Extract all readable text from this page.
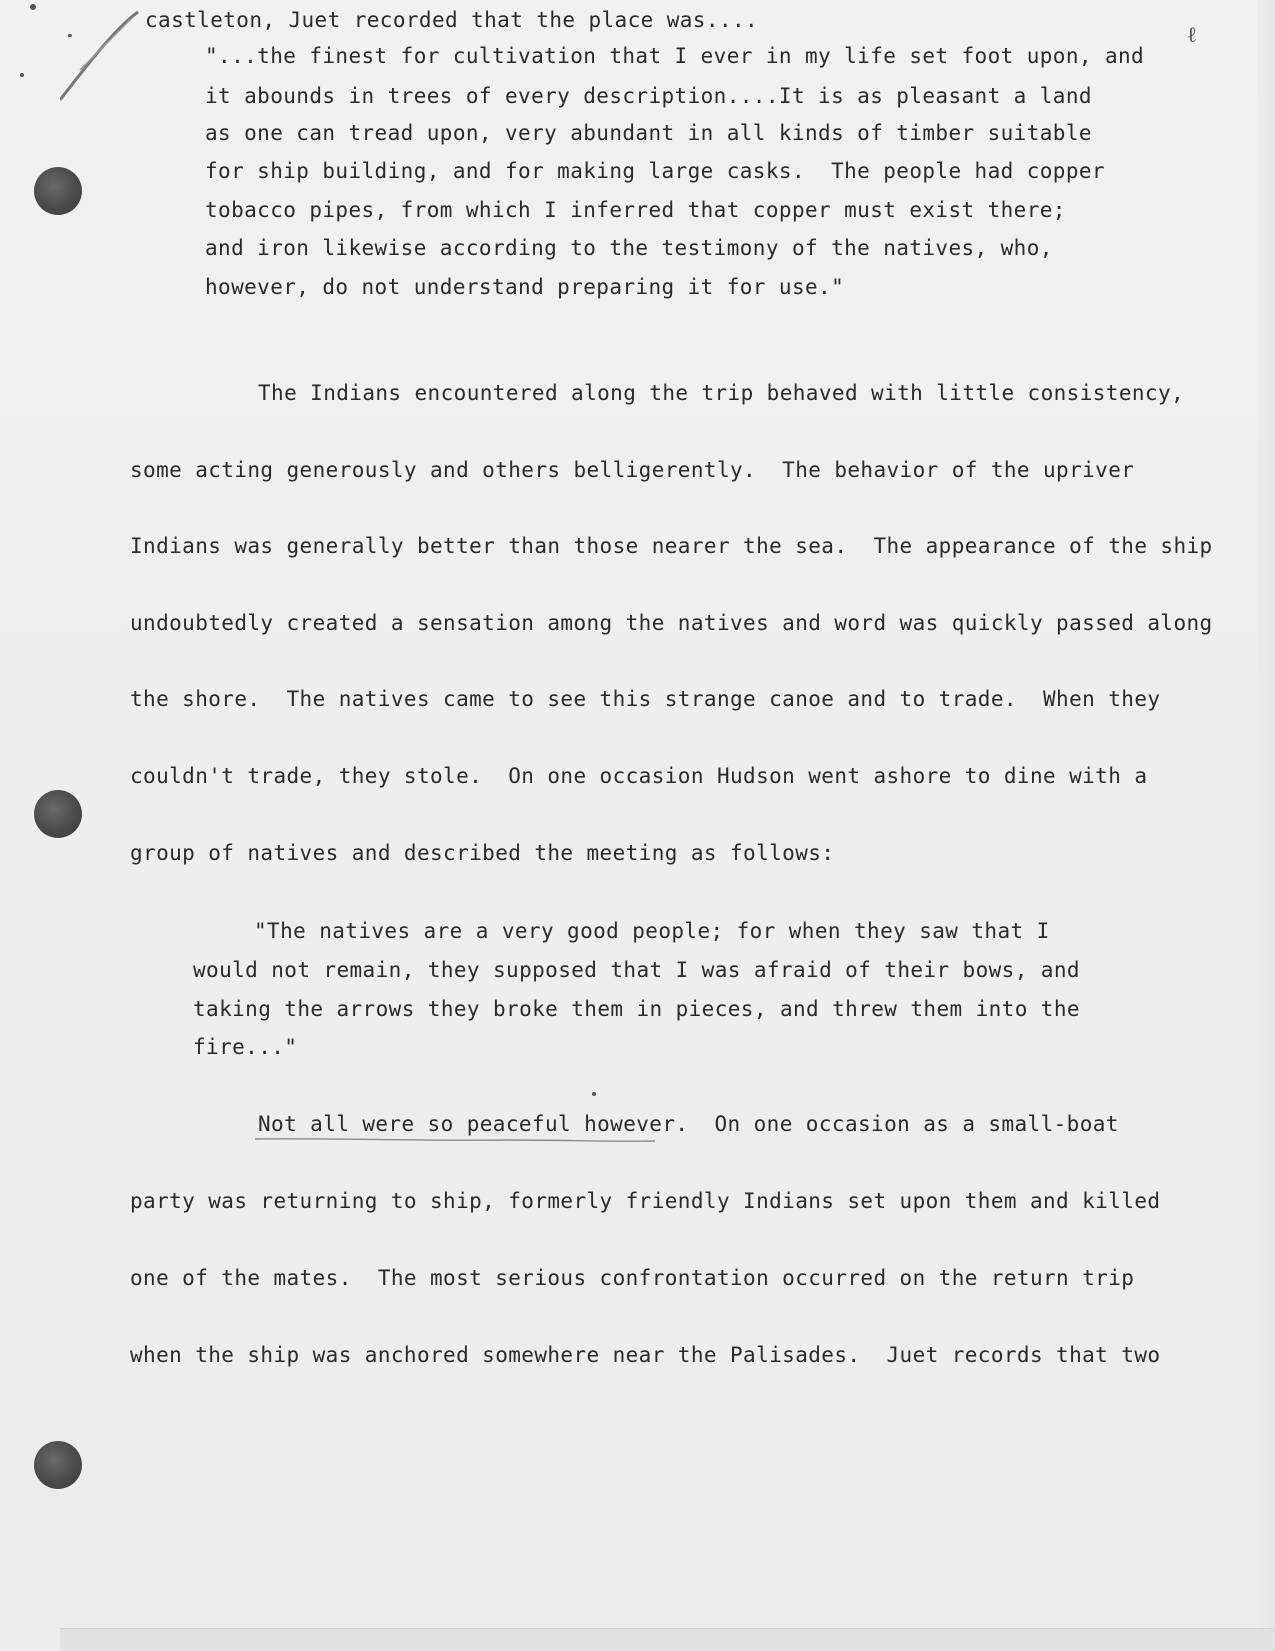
ℓ
castleton, Juet recorded that the place was....
"...the finest for cultivation that I ever in my life set foot upon, and
it abounds in trees of every description....It is as pleasant a land
as one can tread upon, very abundant in all kinds of timber suitable
for ship building, and for making large casks.  The people had copper
tobacco pipes, from which I inferred that copper must exist there;
and iron likewise according to the testimony of the natives, who,
however, do not understand preparing it for use."
The Indians encountered along the trip behaved with little consistency,
some acting generously and others belligerently.  The behavior of the upriver
Indians was generally better than those nearer the sea.  The appearance of the ship
undoubtedly created a sensation among the natives and word was quickly passed along
the shore.  The natives came to see this strange canoe and to trade.  When they
couldn't trade, they stole.  On one occasion Hudson went ashore to dine with a
group of natives and described the meeting as follows:
"The natives are a very good people; for when they saw that I
would not remain, they supposed that I was afraid of their bows, and
taking the arrows they broke them in pieces, and threw them into the
fire..."
Not all were so peaceful however.  On one occasion as a small-boat
party was returning to ship, formerly friendly Indians set upon them and killed
one of the mates.  The most serious confrontation occurred on the return trip
when the ship was anchored somewhere near the Palisades.  Juet records that two
